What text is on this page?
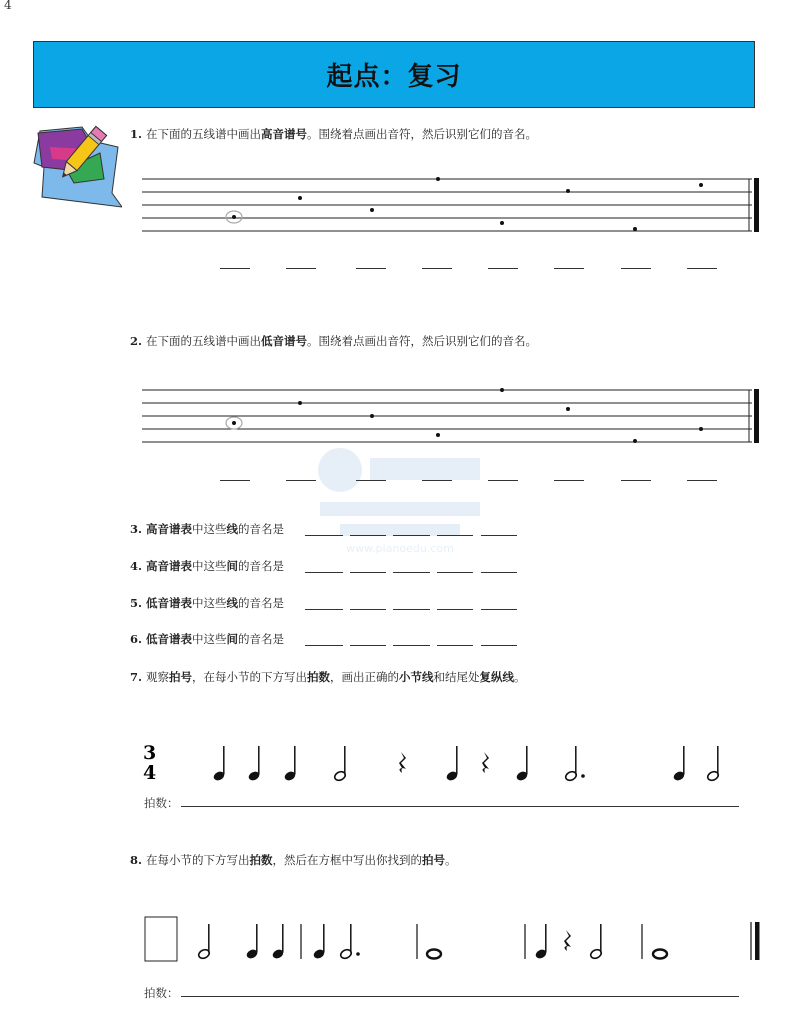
4
起点：复习
1. 在下面的五线谱中画出高音谱号。围绕着点画出音符，然后识别它们的音名。
2. 在下面的五线谱中画出低音谱号。围绕着点画出音符，然后识别它们的音名。
www.pianoedu.com
3. 高音谱表中这些线的音名是
4. 高音谱表中这些间的音名是
5. 低音谱表中这些线的音名是
6. 低音谱表中这些间的音名是
7. 观察拍号，在每小节的下方写出拍数，画出正确的小节线和结尾处复纵线。
3
4
拍数：
8. 在每小节的下方写出拍数，然后在方框中写出你找到的拍号。
拍数：
